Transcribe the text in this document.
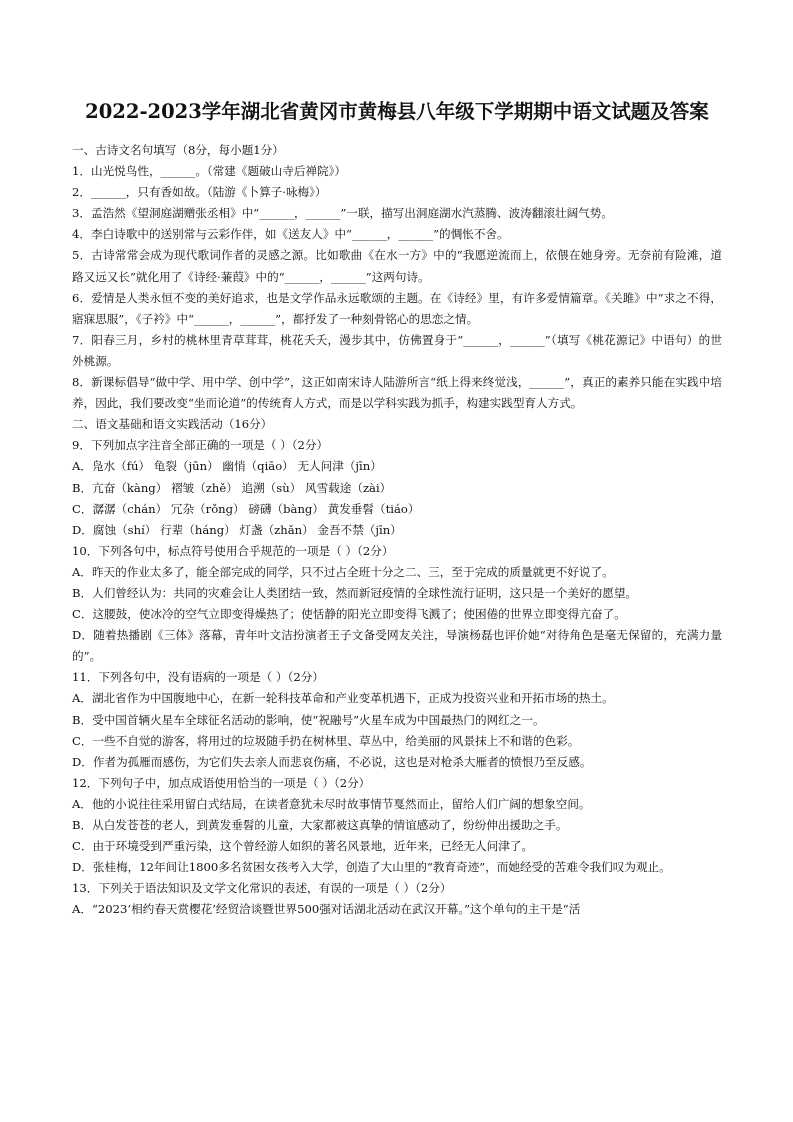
2022-2023学年湖北省黄冈市黄梅县八年级下学期期中语文试题及答案

一、古诗文名句填写（8分，每小题1分）

1．山光悦鸟性，______。（常建《题破山寺后禅院》）

2．______，只有香如故。（陆游《卜算子·咏梅》）

3．孟浩然《望洞庭湖赠张丞相》中“______，______”一联，描写出洞庭湖水汽蒸腾、波涛翻滚壮阔气势。

4．李白诗歌中的送别常与云彩作伴，如《送友人》中“______，______”的惆怅不舍。

5．古诗常常会成为现代歌词作者的灵感之源。比如歌曲《在水一方》中的“我愿逆流而上，依偎在她身旁。无奈前有险滩，道路又远又长”就化用了《诗经·蒹葭》中的“______，______”这两句诗。

6．爱情是人类永恒不变的美好追求，也是文学作品永远歌颂的主题。在《诗经》里，有许多爱情篇章。《关雎》中“求之不得，寤寐思服”，《子衿》中“______，______”，都抒发了一种刻骨铭心的思恋之情。

7．阳春三月，乡村的桃林里青草茸茸，桃花夭夭，漫步其中，仿佛置身于“______，______”（填写《桃花源记》中语句）的世外桃源。

8．新课标倡导“做中学、用中学、创中学”，这正如南宋诗人陆游所言“纸上得来终觉浅，______”，真正的素养只能在实践中培养，因此，我们要改变“坐而论道”的传统育人方式，而是以学科实践为抓手，构建实践型育人方式。

二、语文基础和语文实践活动（16分）

9．下列加点字注音全部正确的一项是（ ）（2分）

A．凫水（fú） 龟裂（jūn） 幽悄（qiāo） 无人问津（jīn）

B．亢奋（kàng） 褶皱（zhě） 追溯（sù） 风雪载途（zài）

C．潺潺（chán） 冗杂（rǒng） 磅礴（bàng） 黄发垂髫（tiáo）

D．腐蚀（shí） 行辈（háng） 灯盏（zhǎn） 金吾不禁（jīn）

10．下列各句中，标点符号使用合乎规范的一项是（ ）（2分）

A．昨天的作业太多了，能全部完成的同学，只不过占全班十分之二、三，至于完成的质量就更不好说了。

B．人们曾经认为：共同的灾难会让人类团结一致，然而新冠疫情的全球性流行证明，这只是一个美好的愿望。

C．这腰鼓，使冰冷的空气立即变得燥热了；使恬静的阳光立即变得飞溅了；使困倦的世界立即变得亢奋了。

D．随着热播剧《三体》落幕，青年叶文洁扮演者王子文备受网友关注，导演杨磊也评价她“对待角色是毫无保留的，充满力量的”。

11．下列各句中，没有语病的一项是（ ）（2分）

A．湖北省作为中国腹地中心，在新一轮科技革命和产业变革机遇下，正成为投资兴业和开拓市场的热土。

B．受中国首辆火星车全球征名活动的影响，使“祝融号”火星车成为中国最热门的网红之一。

C．一些不自觉的游客，将用过的垃圾随手扔在树林里、草丛中，给美丽的风景抹上不和谐的色彩。

D．作者为孤雁而感伤，为它们失去亲人而悲哀伤痛，不必说，这也是对枪杀大雁者的愤恨乃至反感。

12．下列句子中，加点成语使用恰当的一项是（ ）（2分）

A．他的小说往往采用留白式结局，在读者意犹未尽时故事情节戛然而止，留给人们广阔的想象空间。

B．从白发苍苍的老人，到黄发垂髫的儿童，大家都被这真挚的情谊感动了，纷纷伸出援助之手。

C．由于环境受到严重污染，这个曾经游人如织的著名风景地，近年来，已经无人问津了。

D．张桂梅，12年间让1800多名贫困女孩考入大学，创造了大山里的“教育奇迹”，而她经受的苦难令我们叹为观止。

13．下列关于语法知识及文学文化常识的表述，有误的一项是（ ）（2分）

A．“2023‘相约春天赏樱花’经贸洽谈暨世界500强对话湖北活动在武汉开幕。”这个单句的主干是“活
